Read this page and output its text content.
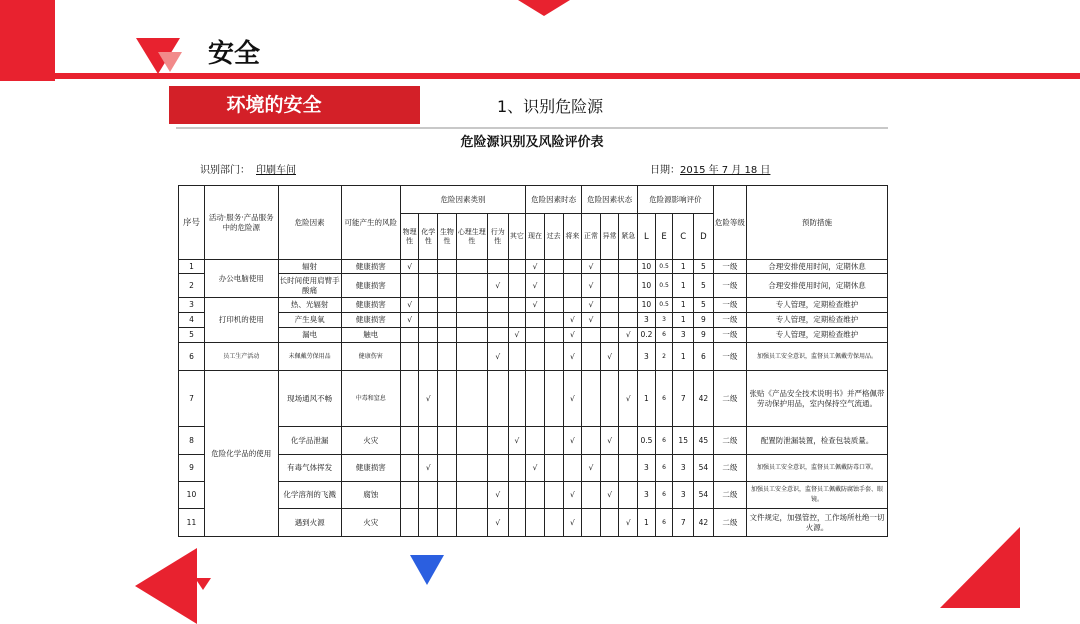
安全
环境的安全	1、识别危险源
危险源识别及风险评价表
识别部门： 印刷车间	日期：2015 年 7 月 18 日
序号	活动·服务·产品服务中的危险源	危险因素	可能产生的风险	危险因素类别						危险因素时态			危险因素状态			危险源影响评价				危险等级	预防措施
				物理性	化学性	生物性	心理生理性	行为性	其它	现在	过去	将来	正常	异常	紧急	L	E	C	D		
1	办公电脑使用	辐射	健康损害	√						√			√			10	0.5	1	5	一级	合理安排使用时间，定期休息
2		长时间使用肩臂手酸痛	健康损害					√		√			√			10	0.5	1	5	一级	合理安排使用时间，定期休息
3	打印机的使用	热、光辐射	健康损害	√						√			√			10	0.5	1	5	一级	专人管理，定期检查维护
4		产生臭氧	健康损害	√								√	√			3	3	1	9	一级	专人管理，定期检查维护
5		漏电	触电						√			√			√	0.2	6	3	9	一级	专人管理，定期检查维护
6	员工生产活动	未佩戴劳保用品	健康伤害					√				√		√		3	2	1	6	一级	加强员工安全意识，监督员工佩戴劳保用品。
7	危险化学品的使用	现场通风不畅	中毒和窒息		√							√			√	1	6	7	42	二级	张贴《产品安全技术说明书》并严格佩带劳动保护用品，室内保持空气流通。
8		化学品泄漏	火灾						√			√		√		0.5	6	15	45	二级	配置防泄漏装置，检查包装质量。
9		有毒气体挥发	健康损害		√					√			√			3	6	3	54	二级	加强员工安全意识，监督员工佩戴防毒口罩。
10		化学溶剂的飞溅	腐蚀					√				√		√		3	6	3	54	二级	加强员工安全意识，监督员工佩戴防腐蚀手套、眼镜。
11		遇到火源	火灾					√				√			√	1	6	7	42	二级	文件规定，加强管控，工作场所杜绝一切火源。
